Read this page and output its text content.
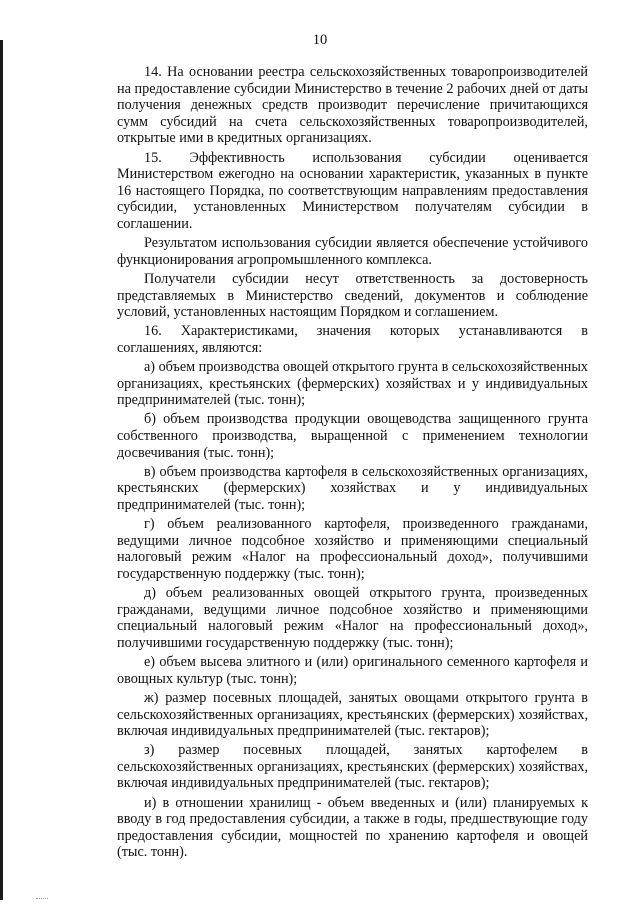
10

14. На основании реестра сельскохозяйственных товаропроизводителей на предоставление субсидии Министерство в течение 2 рабочих дней от даты получения денежных средств производит перечисление причитающихся сумм субсидий на счета сельскохозяйственных товаропроизводителей, открытые ими в кредитных организациях.

15. Эффективность использования субсидии оценивается Министерством ежегодно на основании характеристик, указанных в пункте 16 настоящего Порядка, по соответствующим направлениям предоставления субсидии, установленных Министерством получателям субсидии в соглашении.

Результатом использования субсидии является обеспечение устойчивого функционирования агропромышленного комплекса.

Получатели субсидии несут ответственность за достоверность представляемых в Министерство сведений, документов и соблюдение условий, установленных настоящим Порядком и соглашением.

16. Характеристиками, значения которых устанавливаются в соглашениях, являются:

а) объем производства овощей открытого грунта в сельскохозяйственных организациях, крестьянских (фермерских) хозяйствах и у индивидуальных предпринимателей (тыс. тонн);

б) объем производства продукции овощеводства защищенного грунта собственного производства, выращенной с применением технологии досвечивания (тыс. тонн);

в) объем производства картофеля в сельскохозяйственных организациях, крестьянских (фермерских) хозяйствах и у индивидуальных предпринимателей (тыс. тонн);

г) объем реализованного картофеля, произведенного гражданами, ведущими личное подсобное хозяйство и применяющими специальный налоговый режим «Налог на профессиональный доход», получившими государственную поддержку (тыс. тонн);

д) объем реализованных овощей открытого грунта, произведенных гражданами, ведущими личное подсобное хозяйство и применяющими специальный налоговый режим «Налог на профессиональный доход», получившими государственную поддержку (тыс. тонн);

е) объем высева элитного и (или) оригинального семенного картофеля и овощных культур (тыс. тонн);

ж) размер посевных площадей, занятых овощами открытого грунта в сельскохозяйственных организациях, крестьянских (фермерских) хозяйствах, включая индивидуальных предпринимателей (тыс. гектаров);

з) размер посевных площадей, занятых картофелем в сельскохозяйственных организациях, крестьянских (фермерских) хозяйствах, включая индивидуальных предпринимателей (тыс. гектаров);

и) в отношении хранилищ - объем введенных и (или) планируемых к вводу в год предоставления субсидии, а также в годы, предшествующие году предоставления субсидии, мощностей по хранению картофеля и овощей (тыс. тонн).
